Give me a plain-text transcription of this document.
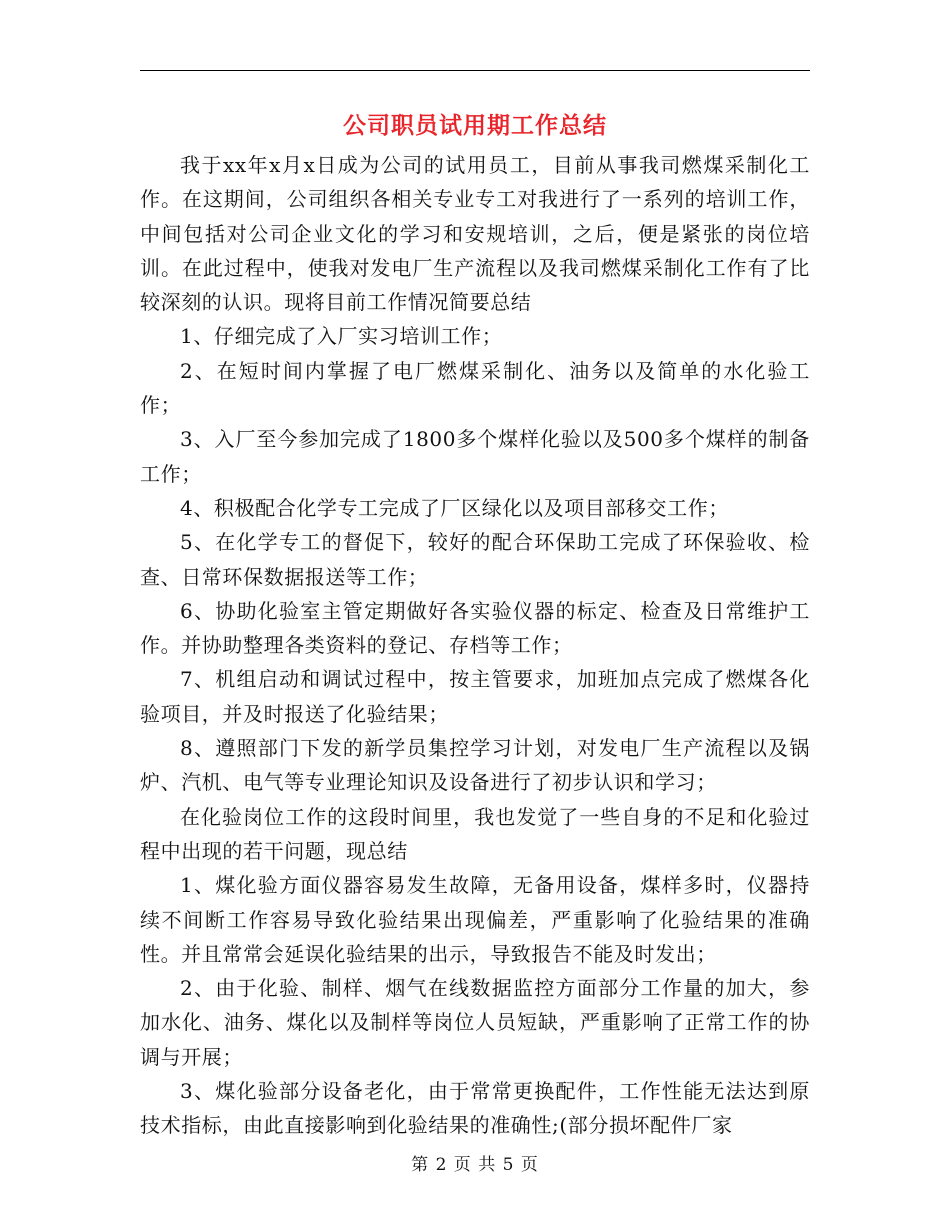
公司职员试用期工作总结

我于xx年x月x日成为公司的试用员工，目前从事我司燃煤采制化工作。在这期间，公司组织各相关专业专工对我进行了一系列的培训工作，中间包括对公司企业文化的学习和安规培训，之后，便是紧张的岗位培训。在此过程中，使我对发电厂生产流程以及我司燃煤采制化工作有了比较深刻的认识。现将目前工作情况简要总结

1、仔细完成了入厂实习培训工作；

2、在短时间内掌握了电厂燃煤采制化、油务以及简单的水化验工作；

3、入厂至今参加完成了1800多个煤样化验以及500多个煤样的制备工作；

4、积极配合化学专工完成了厂区绿化以及项目部移交工作；

5、在化学专工的督促下，较好的配合环保助工完成了环保验收、检查、日常环保数据报送等工作；

6、协助化验室主管定期做好各实验仪器的标定、检查及日常维护工作。并协助整理各类资料的登记、存档等工作；

7、机组启动和调试过程中，按主管要求，加班加点完成了燃煤各化验项目，并及时报送了化验结果；

8、遵照部门下发的新学员集控学习计划，对发电厂生产流程以及锅炉、汽机、电气等专业理论知识及设备进行了初步认识和学习；

在化验岗位工作的这段时间里，我也发觉了一些自身的不足和化验过程中出现的若干问题，现总结

1、煤化验方面仪器容易发生故障，无备用设备，煤样多时，仪器持续不间断工作容易导致化验结果出现偏差，严重影响了化验结果的准确性。并且常常会延误化验结果的出示，导致报告不能及时发出；

2、由于化验、制样、烟气在线数据监控方面部分工作量的加大，参加水化、油务、煤化以及制样等岗位人员短缺，严重影响了正常工作的协调与开展；

3、煤化验部分设备老化，由于常常更换配件，工作性能无法达到原技术指标，由此直接影响到化验结果的准确性;(部分损坏配件厂家

第 2 页 共 5 页
